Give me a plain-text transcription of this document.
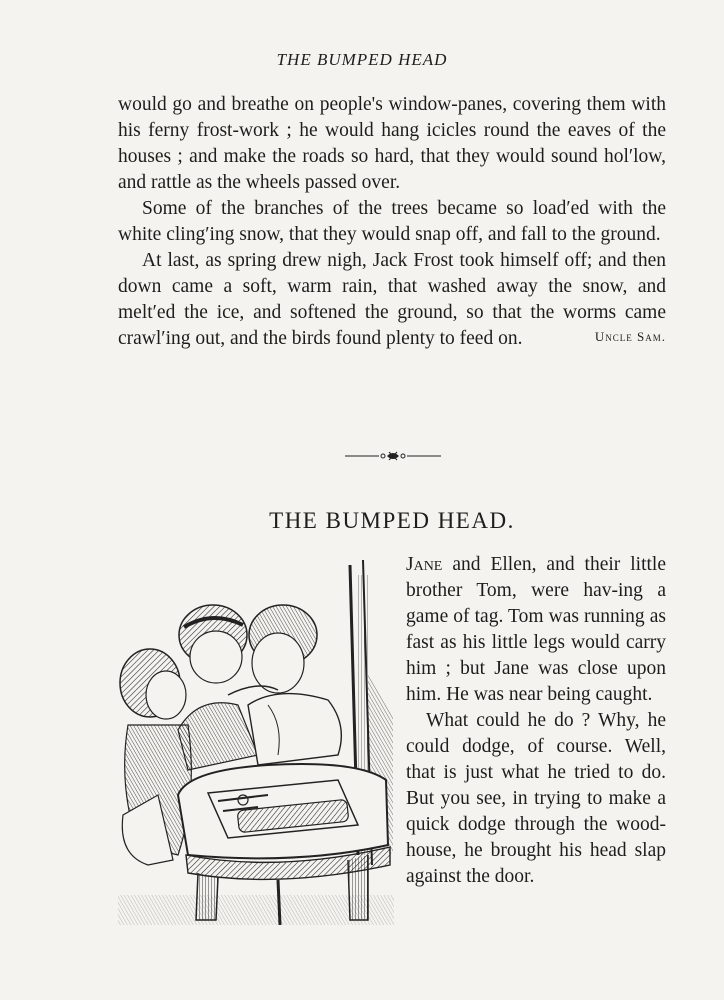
THE BUMPED HEAD

would go and breathe on people's window-panes, covering them with his ferny frost-work ; he would hang icicles round the eaves of the houses ; and make the roads so hard, that they would sound hol′low, and rattle as the wheels passed over.

Some of the branches of the trees became so load′ed with the white cling′ing snow, that they would snap off, and fall to the ground.

At last, as spring drew nigh, Jack Frost took himself off; and then down came a soft, warm rain, that washed away the snow, and melt′ed the ice, and softened the ground, so that the worms came crawl′ing out, and the birds found plenty to feed on.	Uncle Sam.

THE BUMPED HEAD.

Jane and Ellen, and their little brother Tom, were hav-ing a game of tag. Tom was running as fast as his little legs would carry him ; but Jane was close upon him. He was near being caught.

What could he do ? Why, he could dodge, of course. Well, that is just what he tried to do. But you see, in trying to make a quick dodge through the wood-house, he brought his head slap against the door.
